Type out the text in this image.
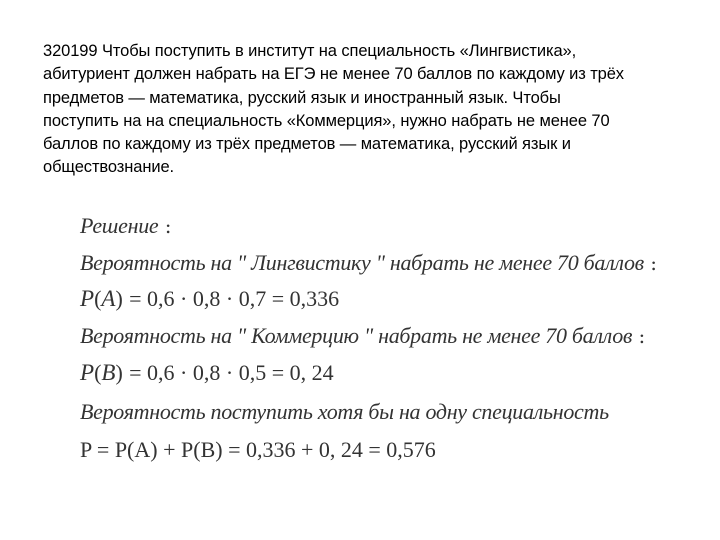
320199 Чтобы поступить в институт на специальность «Лингвистика»,
абитуриент должен набрать на ЕГЭ не менее 70 баллов по каждому из трёх
предметов — математика, русский язык и иностранный язык. Чтобы
поступить на на специальность «Коммерция», нужно набрать не менее 70
баллов по каждому из трёх предметов — математика, русский язык и
обществознание.
Решение :
Вероятность на " Лингвистику " набрать не менее 70 баллов :
P(A) = 0,6 · 0,8 · 0,7 = 0,336
Вероятность на " Коммерцию " набрать не менее 70 баллов :
P(B) = 0,6 · 0,8 · 0,5 = 0, 24
Вероятность поступить хотя бы на одну специальность
P = P(A) + P(B) = 0,336 + 0, 24 = 0,576
